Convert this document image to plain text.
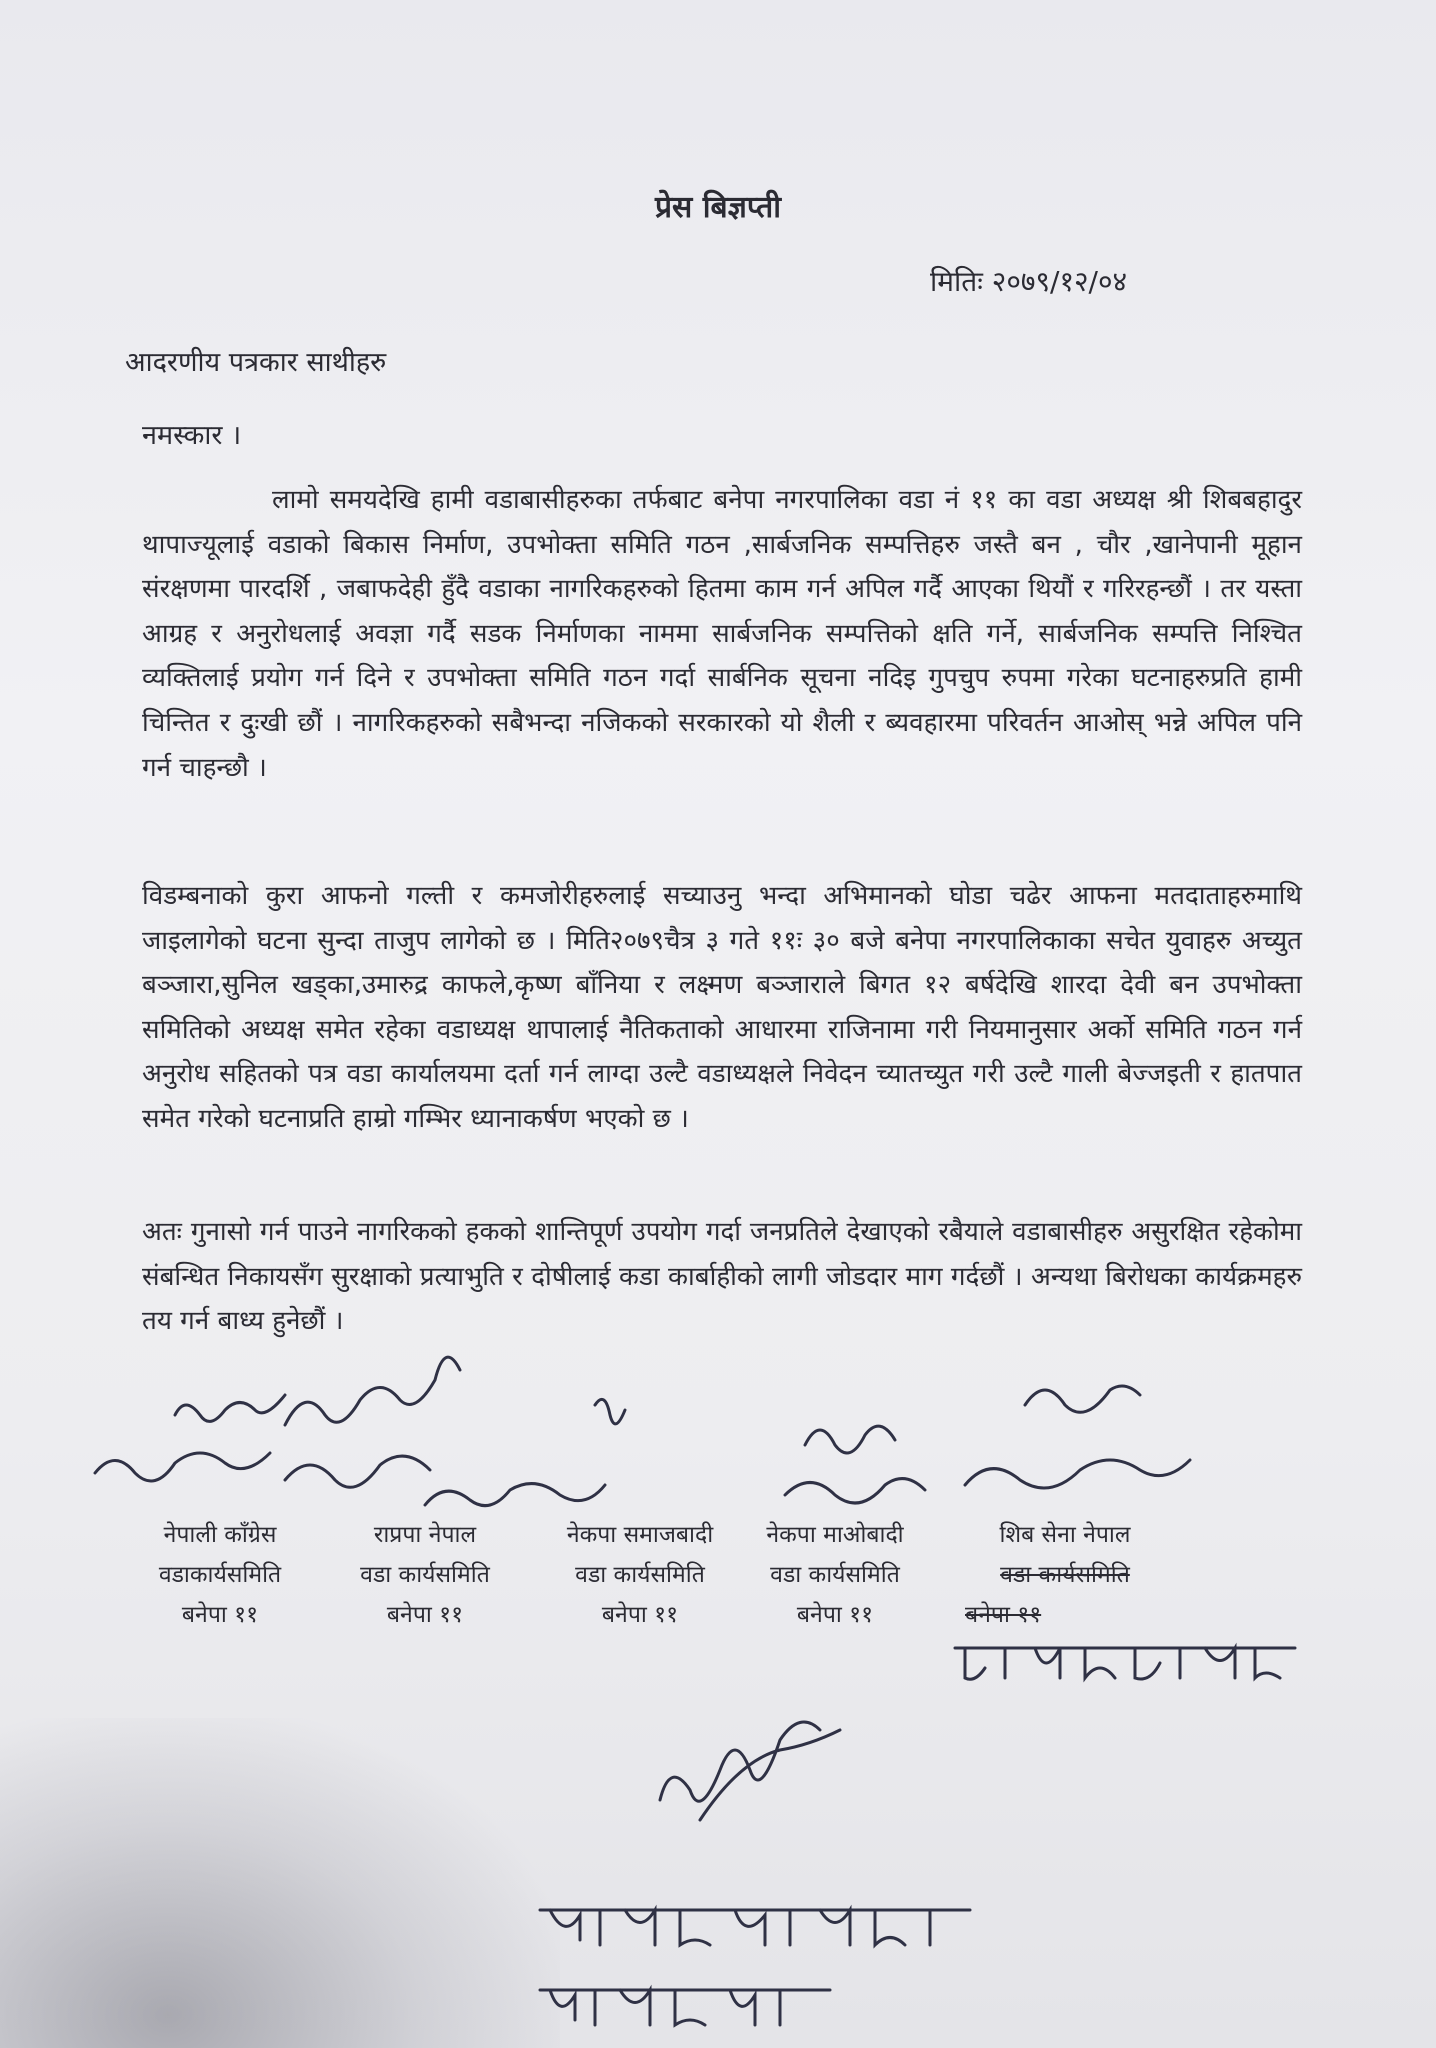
प्रेस बिज्ञप्ती
मितिः २०७९/१२/०४
आदरणीय पत्रकार साथीहरु
नमस्कार ।

लामो समयदेखि हामी वडाबासीहरुका तर्फबाट बनेपा नगरपालिका वडा नं ११ का वडा अध्यक्ष श्री शिबबहादुर थापाज्यूलाई वडाको बिकास निर्माण, उपभोक्ता समिति गठन ,सार्बजनिक सम्पत्तिहरु जस्तै बन , चौर ,खानेपानी मूहान संरक्षणमा पारदर्शि , जबाफदेही हुँदै वडाका नागरिकहरुको हितमा काम गर्न अपिल गर्दै आएका थियौं र गरिरहन्छौं । तर यस्ता आग्रह र अनुरोधलाई अवज्ञा गर्दै सडक निर्माणका नाममा सार्बजनिक सम्पत्तिको क्षति गर्ने, सार्बजनिक सम्पत्ति निश्चित व्यक्तिलाई प्रयोग गर्न दिने र उपभोक्ता समिति गठन गर्दा सार्बनिक सूचना नदिइ गुपचुप रुपमा गरेका घटनाहरुप्रति हामी चिन्तित र दुःखी छौं । नागरिकहरुको सबैभन्दा नजिकको सरकारको यो शैली र ब्यवहारमा परिवर्तन आओस् भन्ने अपिल पनि गर्न चाहन्छौ ।

विडम्बनाको कुरा आफनो गल्ती र कमजोरीहरुलाई सच्याउनु भन्दा अभिमानको घोडा चढेर आफना मतदाताहरुमाथि जाइलागेको घटना सुन्दा ताजुप लागेको छ । मिति२०७९चैत्र ३ गते ११ः ३० बजे बनेपा नगरपालिकाका सचेत युवाहरु अच्युत बञ्जारा,सुनिल खड्का,उमारुद्र काफले,कृष्ण बाँनिया र लक्ष्मण बञ्जाराले बिगत १२ बर्षदेखि शारदा देवी बन उपभोक्ता समितिको अध्यक्ष समेत रहेका वडाध्यक्ष थापालाई नैतिकताको आधारमा राजिनामा गरी नियमानुसार अर्को समिति गठन गर्न अनुरोध सहितको पत्र वडा कार्यालयमा दर्ता गर्न लाग्दा उल्टै वडाध्यक्षले निवेदन च्यातच्युत गरी उल्टै गाली बेज्जइती र हातपात समेत गरेको घटनाप्रति हाम्रो गम्भिर ध्यानाकर्षण भएको छ ।

अतः गुनासो गर्न पाउने नागरिकको हकको शान्तिपूर्ण उपयोग गर्दा जनप्रतिले देखाएको रबैयाले वडाबासीहरु असुरक्षित रहेकोमा संबन्धित निकायसँग सुरक्षाको प्रत्याभुति र दोषीलाई कडा कार्बाहीको लागी जोडदार माग गर्दछौं । अन्यथा बिरोधका कार्यक्रमहरु तय गर्न बाध्य हुनेछौं ।

नेपाली काँग्रेस
वडाकार्यसमिति
बनेपा ११
राप्रपा नेपाल
वडा कार्यसमिति
बनेपा ११
नेकपा समाजबादी
वडा कार्यसमिति
बनेपा ११
नेकपा माओबादी
वडा कार्यसमिति
बनेपा ११
शिब सेना नेपाल
वडा कार्यसमिति
बनेपा ११
